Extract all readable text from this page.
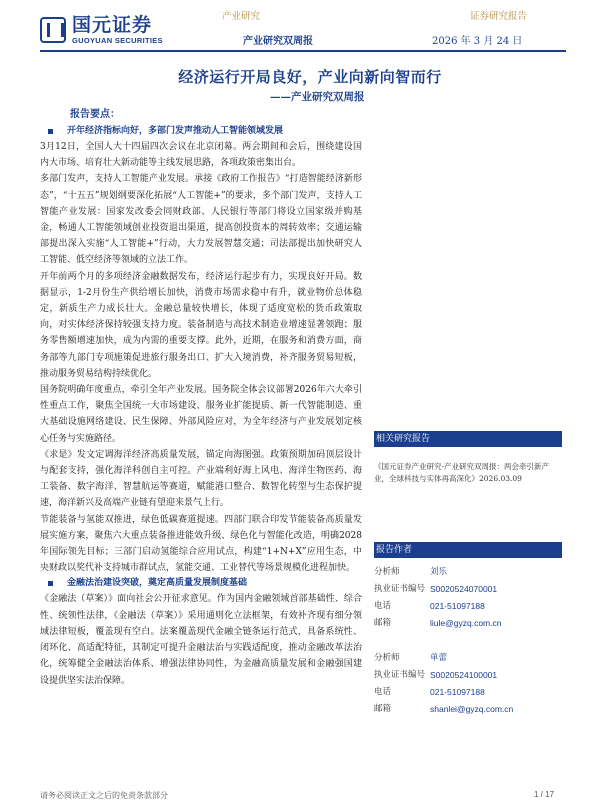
国元证券
GUOYUAN SECURITIES
产业研究	证券研究报告
产业研究双周报	2026 年 3 月 24 日
经济运行开局良好，产业向新向智而行
——产业研究双周报
报告要点：
开年经济指标向好，多部门发声推动人工智能领域发展

3月12日，全国人大十四届四次会议在北京闭幕。两会期间和会后，围绕建设国内大市场、培育壮大新动能等主线发展思路，各项政策密集出台。

多部门发声，支持人工智能产业发展。承接《政府工作报告》“打造智能经济新形态”，“十五五”规划纲要深化拓展“人工智能+”的要求，多个部门发声，支持人工智能产业发展：国家发改委会同财政部、人民银行等部门将设立国家级并购基金，畅通人工智能领域创业投资退出渠道，提高创投资本的周转效率；交通运输部提出深入实施“人工智能+”行动，大力发展智慧交通；司法部提出加快研究人工智能、低空经济等领域的立法工作。

开年前两个月的多项经济金融数据发布，经济运行起步有力，实现良好开局。数据显示，1-2月份生产供给增长加快，消费市场需求稳中有升，就业物价总体稳定，新质生产力成长壮大。金融总量较快增长，体现了适度宽松的货币政策取向，对实体经济保持较强支持力度。装备制造与高技术制造业增速显著领跑；服务零售额增速加快，成为内需的重要支撑。此外，近期，在服务和消费方面，商务部等九部门专项施策促进旅行服务出口、扩大入境消费，补齐服务贸易短板，推动服务贸易结构持续优化。

国务院明确年度重点，牵引全年产业发展。国务院全体会议部署2026年六大牵引性重点工作，聚焦全国统一大市场建设、服务业扩能提质、新一代智能制造、重大基础设施网络建设、民生保障、外部风险应对，为全年经济与产业发展划定核心任务与实施路径。

《求是》发文定调海洋经济高质量发展，锚定向海图强。政策预期加码顶层设计与配套支持，强化海洋科创自主可控。产业端利好海上风电、海洋生物医药、海工装备、数字海洋、智慧航运等赛道，赋能港口整合、数智化转型与生态保护提速，海洋新兴及高端产业链有望迎来景气上行。

节能装备与氢能双推进，绿色低碳赛道提速。四部门联合印发节能装备高质量发展实施方案，聚焦六大重点装备推进能效升级、绿色化与智能化改造，明确2028年国际领先目标；三部门启动氢能综合应用试点，构建“1+N+X”应用生态，中央财政以奖代补支持城市群试点，氢能交通、工业替代等场景规模化进程加快。

金融法治建设突破，奠定高质量发展制度基础

《金融法（草案）》面向社会公开征求意见。作为国内金融领域首部基础性、综合性、统领性法律，《金融法（草案）》采用通则化立法框架，有效补齐现有细分领域法律短板，覆盖现有空白。法案覆盖现代金融全链条运行范式，具备系统性、闭环化、高适配特征，其制定可提升金融法治与实践适配度，推动金融改革法治化，统筹健全金融法治体系、增强法律协同性，为金融高质量发展和金融强国建设提供坚实法治保障。

相关研究报告

《国元证券产业研究-产业研究双周报：两会牵引新产业，全球科技与实体再高深化》2026.03.09

报告作者
分析师	刘乐
执业证书编号 S0020524070001
电话	021-51097188
邮箱	liule@gyzq.com.cn
分析师	单蕾
执业证书编号 S0020524100001
电话	021-51097188
邮箱	shanlei@gyzq.com.cn
请务必阅读正文之后的免责条款部分	1 / 17
